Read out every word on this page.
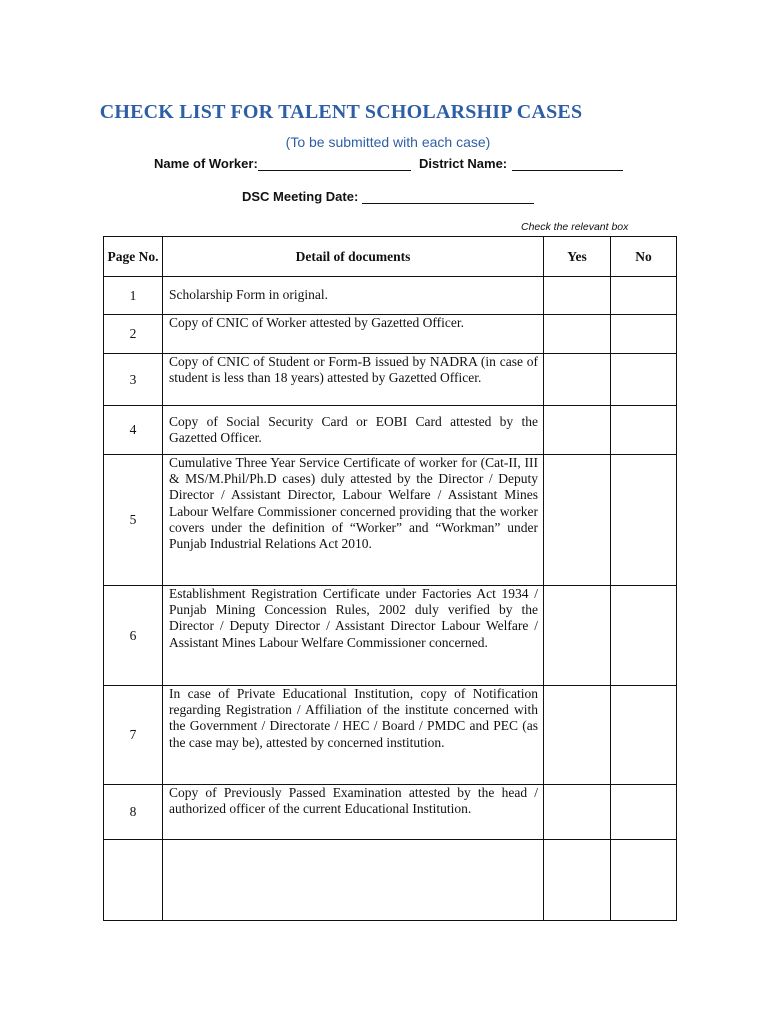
CHECK LIST FOR TALENT SCHOLARSHIP CASES
(To be submitted with each case)
Name of Worker:	District Name:
DSC Meeting Date:
Check the relevant box
Page No.	Detail of documents	Yes	No
1	Scholarship Form in original.		

2	Copy of CNIC of Worker attested by Gazetted Officer.		

3	Copy of CNIC of Student or Form-B issued by NADRA (in case of student is less than 18 years) attested by Gazetted Officer.		

4	Copy of Social Security Card or EOBI Card attested by the Gazetted Officer.		

5	Cumulative Three Year Service Certificate of worker for (Cat-II, III & MS/M.Phil/Ph.D cases) duly attested by the Director / Deputy Director / Assistant Director, Labour Welfare / Assistant Mines Labour Welfare Commissioner concerned providing that the worker covers under the definition of “Worker” and “Workman” under Punjab Industrial Relations Act 2010.		

6	Establishment Registration Certificate under Factories Act 1934 / Punjab Mining Concession Rules, 2002 duly verified by the Director / Deputy Director / Assistant Director Labour Welfare / Assistant Mines Labour Welfare Commissioner concerned.		

7	In case of Private Educational Institution, copy of Notification regarding Registration / Affiliation of the institute concerned with the Government / Directorate / HEC / Board / PMDC and PEC (as the case may be), attested by concerned institution.		

8	Copy of Previously Passed Examination attested by the head / authorized officer of the current Educational Institution.		
